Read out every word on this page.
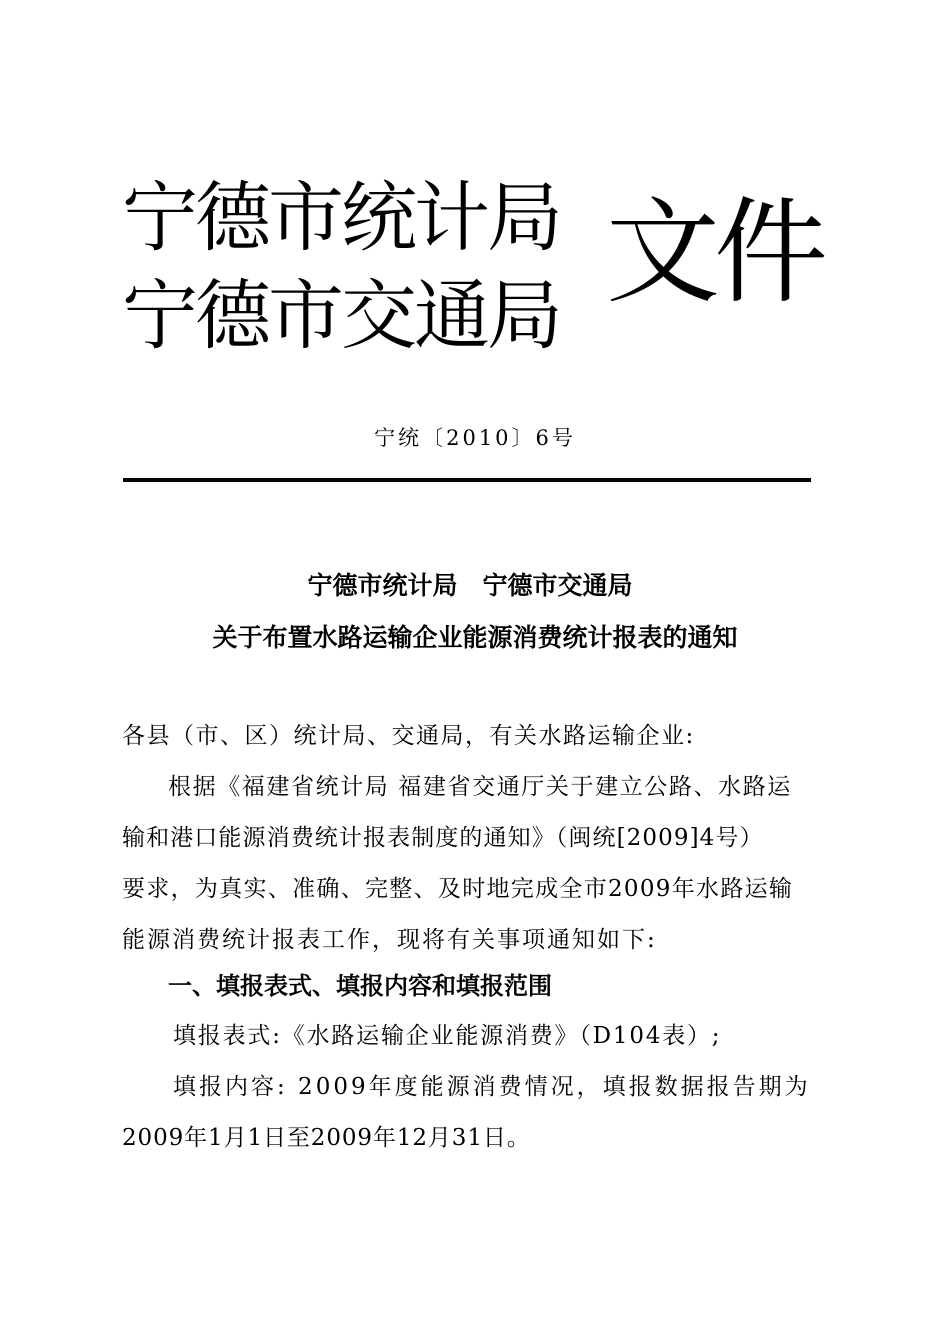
宁德市统计局
宁德市交通局 文件
宁统〔2010〕6号
宁德市统计局　宁德市交通局
关于布置水路运输企业能源消费统计报表的通知
各县（市、区）统计局、交通局，有关水路运输企业:
根据《福建省统计局 福建省交通厅关于建立公路、水路运
输和港口能源消费统计报表制度的通知》（闽统[2009]4号）
要求，为真实、准确、完整、及时地完成全市2009年水路运输
能源消费统计报表工作，现将有关事项通知如下:
一、填报表式、填报内容和填报范围
填报表式:《水路运输企业能源消费》（D104表）;
填报内容: 2009年度能源消费情况，填报数据报告期为
2009年1月1日至2009年12月31日。
